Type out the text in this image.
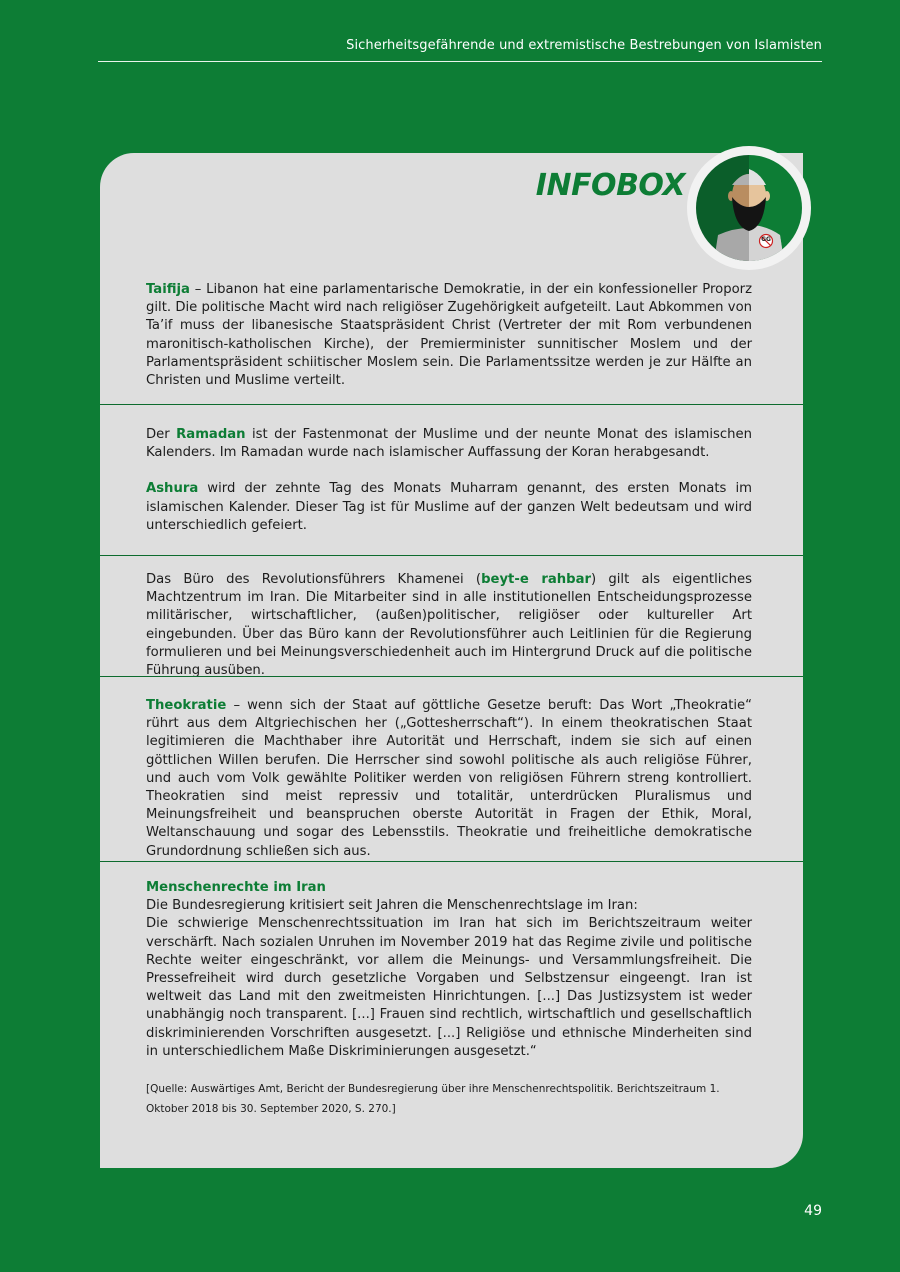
Sicherheitsgefährende und extremistische Bestrebungen von Islamisten
INFOBOX
GG

Taifija – Libanon hat eine parlamentarische Demokratie, in der ein konfessioneller Proporz gilt. Die politische Macht wird nach religiöser Zugehörigkeit aufgeteilt. Laut Abkommen von Ta’if muss der libanesische Staatspräsident Christ (Vertreter der mit Rom verbundenen maronitisch-katholischen Kirche), der Premierminister sunnitischer Moslem und der Parlamentspräsident schiitischer Moslem sein. Die Parlamentssitze werden je zur Hälfte an Christen und Muslime verteilt.

Der Ramadan ist der Fastenmonat der Muslime und der neunte Monat des islamischen Kalenders. Im Ramadan wurde nach islamischer Auffassung der Koran herabgesandt.

Ashura wird der zehnte Tag des Monats Muharram genannt, des ersten Monats im islamischen Kalender. Dieser Tag ist für Muslime auf der ganzen Welt bedeutsam und wird unterschiedlich gefeiert.

Das Büro des Revolutionsführers Khamenei (beyt-e rahbar) gilt als eigentliches Machtzentrum im Iran. Die Mitarbeiter sind in alle institutionellen Entscheidungsprozesse militärischer, wirtschaftlicher, (außen)politischer, religiöser oder kultureller Art eingebunden. Über das Büro kann der Revolutionsführer auch Leitlinien für die Regierung formulieren und bei Meinungsverschiedenheit auch im Hintergrund Druck auf die politische Führung ausüben.

Theokratie – wenn sich der Staat auf göttliche Gesetze beruft: Das Wort „Theokratie“ rührt aus dem Altgriechischen her („Gottesherrschaft“). In einem theokratischen Staat legitimieren die Machthaber ihre Autorität und Herrschaft, indem sie sich auf einen göttlichen Willen berufen. Die Herrscher sind sowohl politische als auch religiöse Führer, und auch vom Volk gewählte Politiker werden von religiösen Führern streng kontrolliert. Theokratien sind meist repressiv und totalitär, unterdrücken Pluralismus und Meinungsfreiheit und beanspruchen oberste Autorität in Fragen der Ethik, Moral, Weltanschauung und sogar des Lebensstils. Theokratie und freiheitliche demokratische Grundordnung schließen sich aus.

Menschenrechte im Iran

Die Bundesregierung kritisiert seit Jahren die Menschenrechtslage im Iran:

Die schwierige Menschenrechtssituation im Iran hat sich im Berichtszeitraum weiter verschärft. Nach sozialen Unruhen im November 2019 hat das Regime zivile und politische Rechte weiter eingeschränkt, vor allem die Meinungs- und Versammlungsfreiheit. Die Pressefreiheit wird durch gesetzliche Vorgaben und Selbstzensur eingeengt. Iran ist weltweit das Land mit den zweitmeisten Hinrichtungen. [...] Das Justizsystem ist weder unabhängig noch transparent. [...] Frauen sind rechtlich, wirtschaftlich und gesellschaftlich diskriminierenden Vorschriften ausgesetzt. [...] Religiöse und ethnische Minderheiten sind in unterschiedlichem Maße Diskriminierungen ausgesetzt.“

[Quelle: Auswärtiges Amt, Bericht der Bundesregierung über ihre Menschenrechtspolitik. Berichtszeitraum 1. Oktober 2018 bis 30. September 2020, S. 270.]

49
